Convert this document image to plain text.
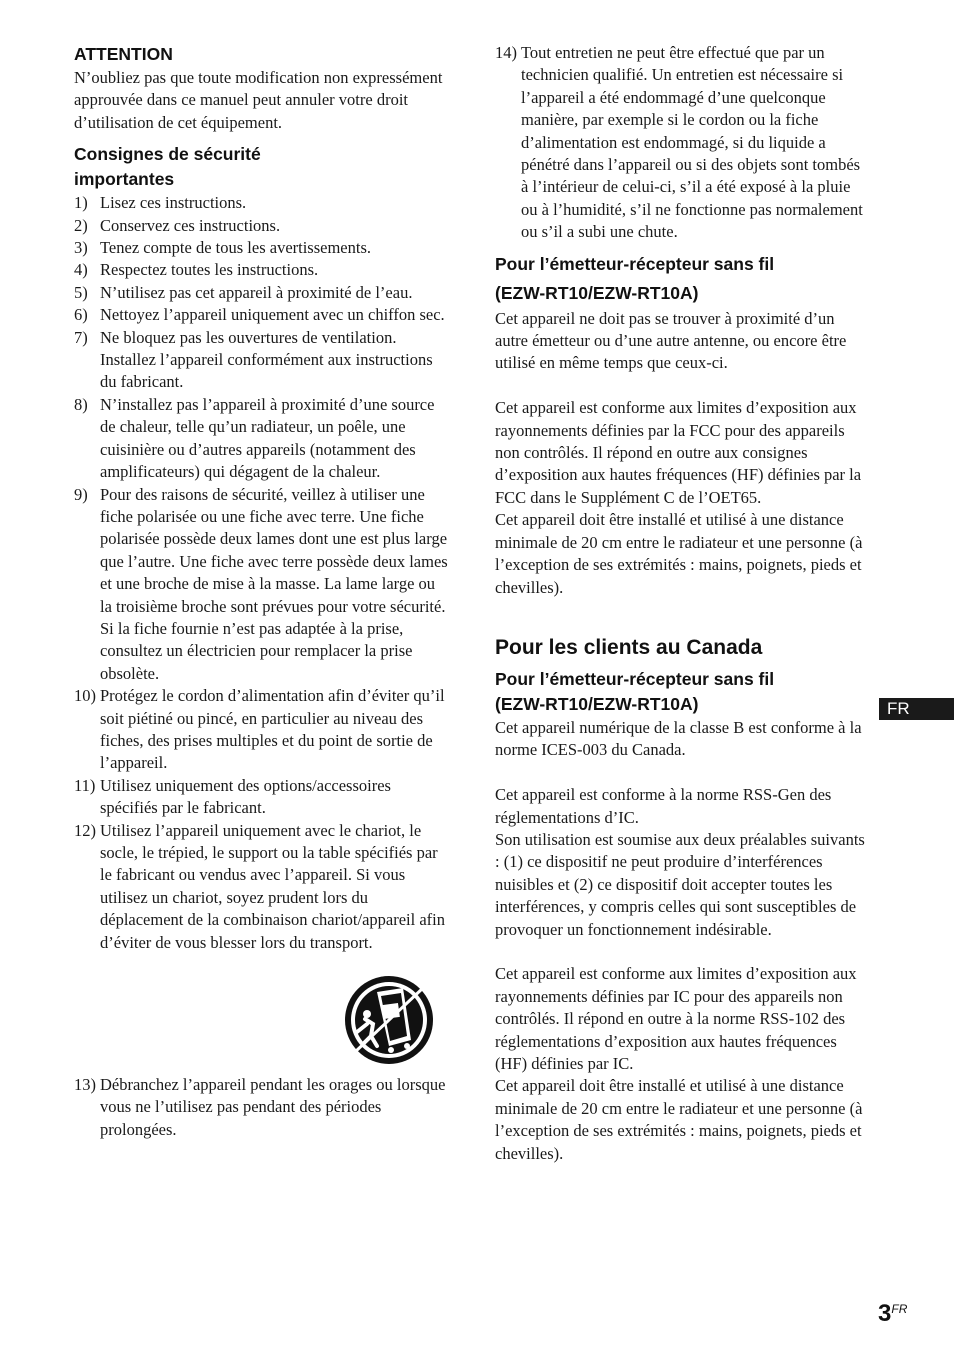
ATTENTION

N’oubliez pas que toute modification non expressément approuvée dans ce manuel peut annuler votre droit d’utilisation de cet équipement.

Consignes de sécurité
importantes
1) Lisez ces instructions.
2) Conservez ces instructions.
3) Tenez compte de tous les avertissements.
4) Respectez toutes les instructions.
5) N’utilisez pas cet appareil à proximité de l’eau.
6) Nettoyez l’appareil uniquement avec un chiffon sec.
7) Ne bloquez pas les ouvertures de ventilation. Installez l’appareil conformément aux instructions du fabricant.
8) N’installez pas l’appareil à proximité d’une source de chaleur, telle qu’un radiateur, un poêle, une cuisinière ou d’autres appareils (notamment des amplificateurs) qui dégagent de la chaleur.
9) Pour des raisons de sécurité, veillez à utiliser une fiche polarisée ou une fiche avec terre. Une fiche polarisée possède deux lames dont une est plus large que l’autre. Une fiche avec terre possède deux lames et une broche de mise à la masse. La lame large ou la troisième broche sont prévues pour votre sécurité. Si la fiche fournie n’est pas adaptée à la prise, consultez un électricien pour remplacer la prise obsolète.
10) Protégez le cordon d’alimentation afin d’éviter qu’il soit piétiné ou pincé, en particulier au niveau des fiches, des prises multiples et du point de sortie de l’appareil.
11) Utilisez uniquement des options/accessoires spécifiés par le fabricant.
12) Utilisez l’appareil uniquement avec le chariot, le socle, le trépied, le support ou la table spécifiés par le fabricant ou vendus avec l’appareil. Si vous utilisez un chariot, soyez prudent lors du déplacement de la combinaison chariot/appareil afin d’éviter de vous blesser lors du transport.
13) Débranchez l’appareil pendant les orages ou lorsque vous ne l’utilisez pas pendant des périodes prolongées.
14) Tout entretien ne peut être effectué que par un technicien qualifié. Un entretien est nécessaire si l’appareil a été endommagé d’une quelconque manière, par exemple si le cordon ou la fiche d’alimentation est endommagé, si du liquide a pénétré dans l’appareil ou si des objets sont tombés à l’intérieur de celui-ci, s’il a été exposé à la pluie ou à l’humidité, s’il ne fonctionne pas normalement ou s’il a subi une chute.
Pour l’émetteur-récepteur sans fil
(EZW-RT10/EZW-RT10A)

Cet appareil ne doit pas se trouver à proximité d’un autre émetteur ou d’une autre antenne, ou encore être utilisé en même temps que ceux-ci.

Cet appareil est conforme aux limites d’exposition aux rayonnements définies par la FCC pour des appareils non contrôlés. Il répond en outre aux consignes d’exposition aux hautes fréquences (HF) définies par la FCC dans le Supplément C de l’OET65.

Cet appareil doit être installé et utilisé à une distance minimale de 20 cm entre le radiateur et une personne (à l’exception de ses extrémités : mains, poignets, pieds et chevilles).

Pour les clients au Canada
Pour l’émetteur-récepteur sans fil
(EZW-RT10/EZW-RT10A)

Cet appareil numérique de la classe B est conforme à la norme ICES-003 du Canada.

Cet appareil est conforme à la norme RSS-Gen des réglementations d’IC.

Son utilisation est soumise aux deux préalables suivants : (1) ce dispositif ne peut produire d’interférences nuisibles et (2) ce dispositif doit accepter toutes les interférences, y compris celles qui sont susceptibles de provoquer un fonctionnement indésirable.

Cet appareil est conforme aux limites d’exposition aux rayonnements définies par IC pour des appareils non contrôlés. Il répond en outre à la norme RSS-102 des réglementations d’exposition aux hautes fréquences (HF) définies par IC.

Cet appareil doit être installé et utilisé à une distance minimale de 20 cm entre le radiateur et une personne (à l’exception de ses extrémités : mains, poignets, pieds et chevilles).

FR
$3^{FR}$
